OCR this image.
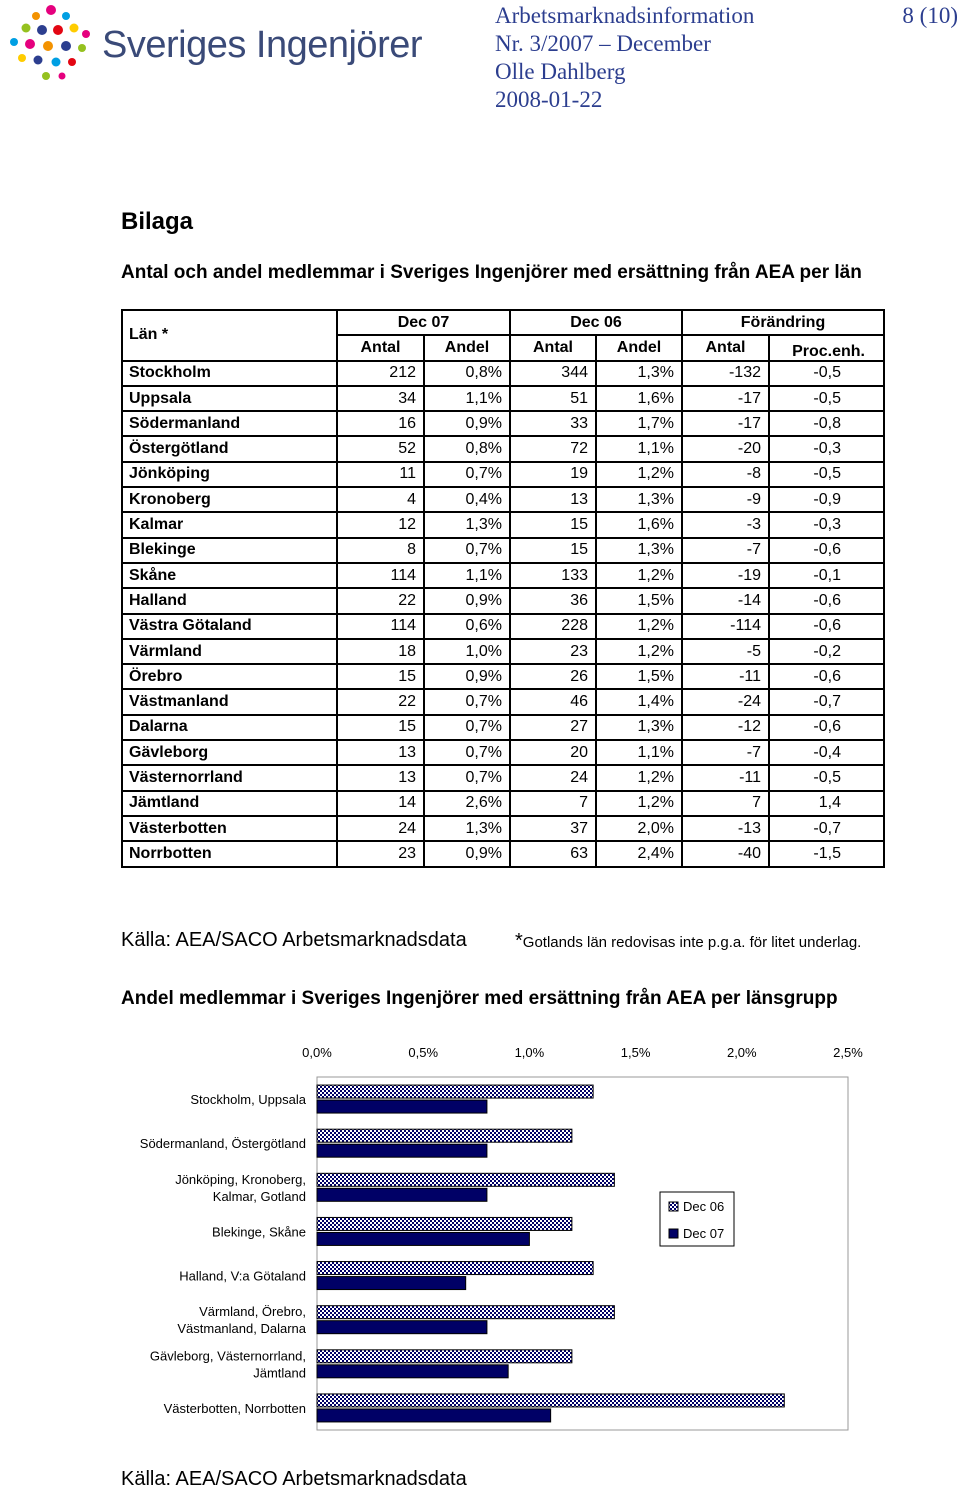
Sveriges Ingenjörer
Arbetsmarknadsinformation
Nr. 3/2007 – December
Olle Dahlberg
2008-01-22
8 (10)
Bilaga
Antal och andel medlemmar i Sveriges Ingenjörer med ersättning från AEA per län
Län *	Dec 07		Dec 06		Förändring	
	Antal	Andel	Antal	Andel	Antal	Proc.enh.
Stockholm	212	0,8%	344	1,3%	-132	-0,5
Uppsala	34	1,1%	51	1,6%	-17	-0,5
Södermanland	16	0,9%	33	1,7%	-17	-0,8
Östergötland	52	0,8%	72	1,1%	-20	-0,3
Jönköping	11	0,7%	19	1,2%	-8	-0,5
Kronoberg	4	0,4%	13	1,3%	-9	-0,9
Kalmar	12	1,3%	15	1,6%	-3	-0,3
Blekinge	8	0,7%	15	1,3%	-7	-0,6
Skåne	114	1,1%	133	1,2%	-19	-0,1
Halland	22	0,9%	36	1,5%	-14	-0,6
Västra Götaland	114	0,6%	228	1,2%	-114	-0,6
Värmland	18	1,0%	23	1,2%	-5	-0,2
Örebro	15	0,9%	26	1,5%	-11	-0,6
Västmanland	22	0,7%	46	1,4%	-24	-0,7
Dalarna	15	0,7%	27	1,3%	-12	-0,6
Gävleborg	13	0,7%	20	1,1%	-7	-0,4
Västernorrland	13	0,7%	24	1,2%	-11	-0,5
Jämtland	14	2,6%	7	1,2%	7	1,4
Västerbotten	24	1,3%	37	2,0%	-13	-0,7
Norrbotten	23	0,9%	63	2,4%	-40	-1,5
Källa: AEA/SACO Arbetsmarknadsdata *Gotlands län redovisas inte p.g.a. för litet underlag.
Andel medlemmar i Sveriges Ingenjörer med ersättning från AEA per länsgrupp
0,0%	0,5%	1,0%	1,5%	2,0%	2,5%
Stockholm, Uppsala
Södermanland, Östergötland
Jönköping, Kronoberg,
Kalmar, Gotland
Blekinge, Skåne
Halland, V:a Götaland
Värmland, Örebro,
Västmanland, Dalarna
Gävleborg, Västernorrland,
Jämtland
Västerbotten, Norrbotten
Dec 06
Dec 07
Källa: AEA/SACO Arbetsmarknadsdata
